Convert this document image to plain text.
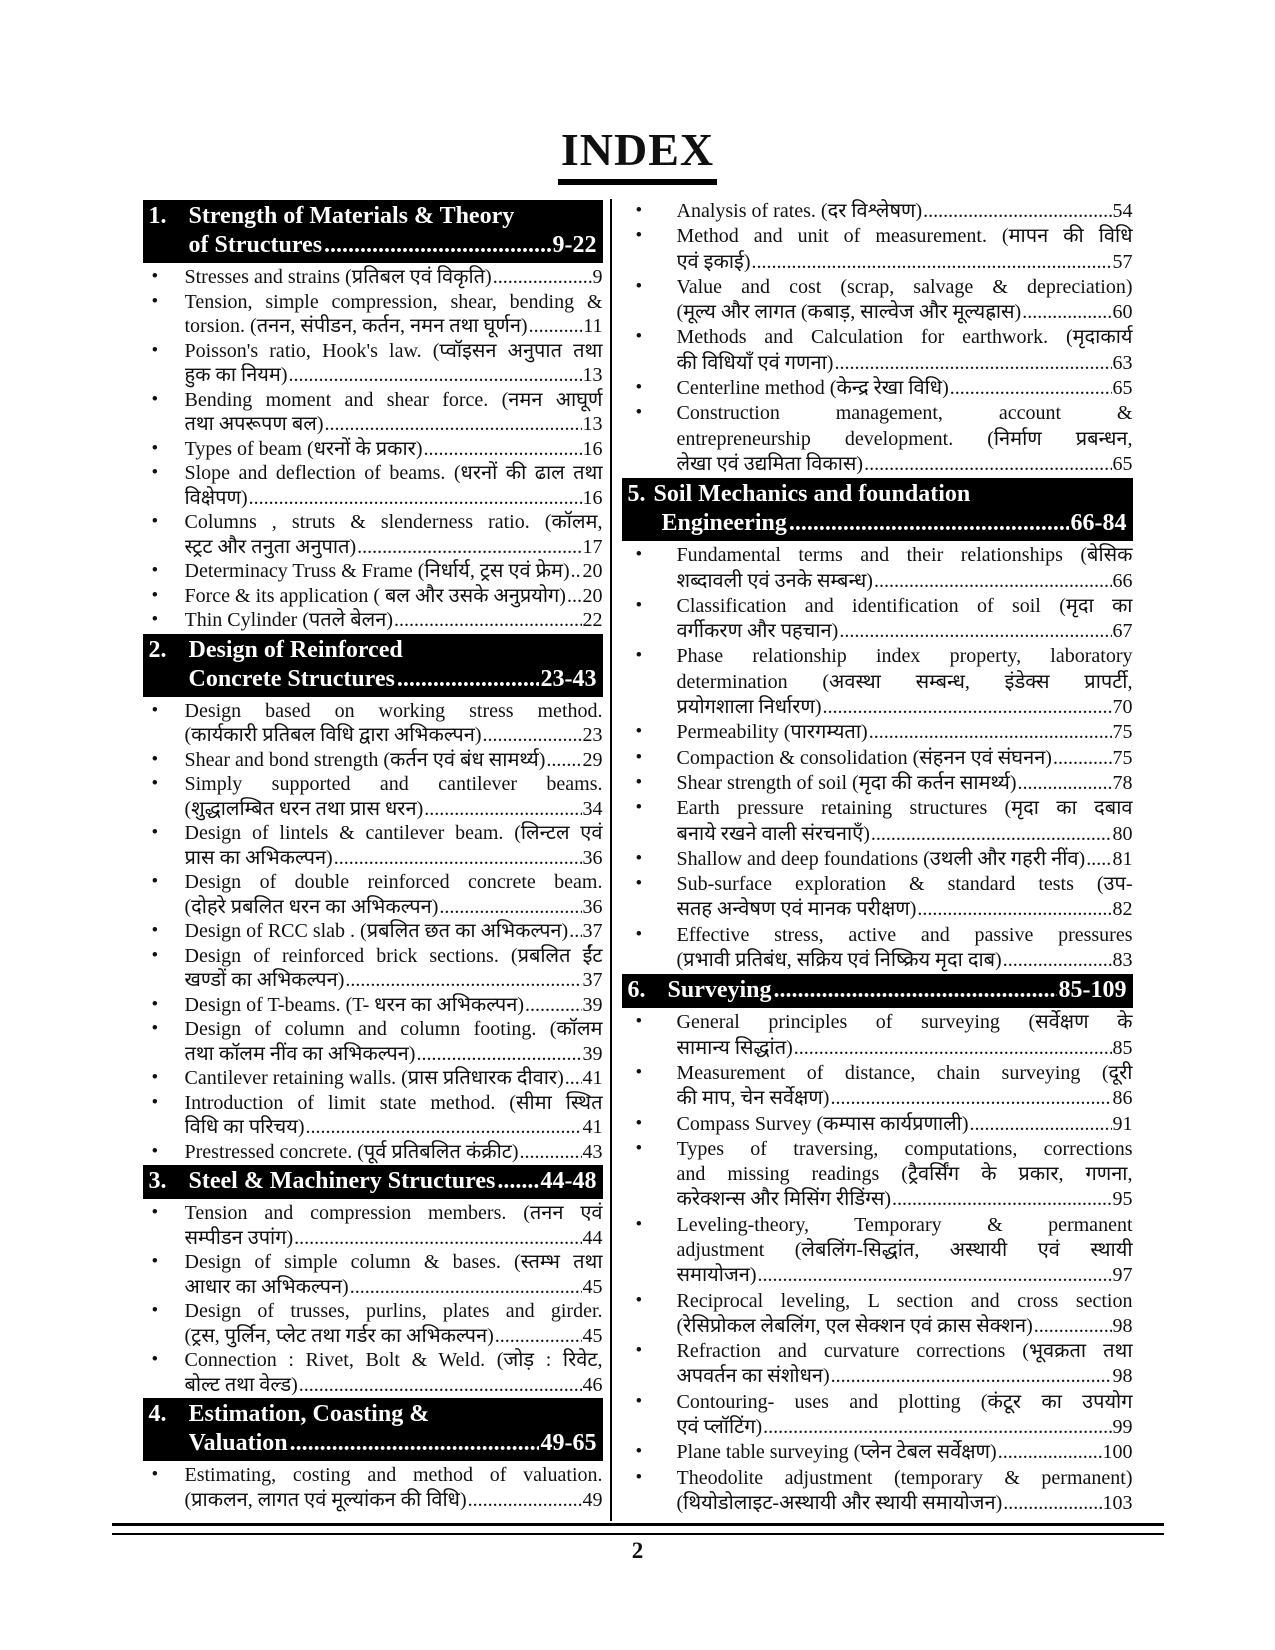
INDEX
1. Strength of Materials & Theory
of Structures .....	9-22
• Stresses and strains (प्रतिबल एवं विकृति) .....	9
• Tension, simple compression, shear, bending &
torsion. (तनन, संपीडन, कर्तन, नमन तथा घूर्णन) .....	11
• Poisson's ratio, Hook's law. (प्वॉइसन अनुपात तथा
हुक का नियम) .....	13
• Bending moment and shear force. (नमन आघूर्ण
तथा अपरूपण बल) .....	13
• Types of beam (धरनों के प्रकार) .....	16
• Slope and deflection of beams. (धरनों की ढाल तथा
विक्षेपण) .....	16
• Columns , struts & slenderness ratio. (कॉलम,
स्ट्रट और तनुता अनुपात) .....	17
• Determinacy Truss & Frame (निर्धार्य, ट्रस एवं फ्रेम) ..... 20
• Force & its application ( बल और उसके अनुप्रयोग) ..... 20
• Thin Cylinder (पतले बेलन) .....	22
2. Design of Reinforced
Concrete Structures .....	23-43
• Design based on working stress method.
(कार्यकारी प्रतिबल विधि द्वारा अभिकल्पन) .....	23
• Shear and bond strength (कर्तन एवं बंध सामर्थ्य) ..... 29
• Simply supported and cantilever beams.
(शुद्धालम्बित धरन तथा प्रास धरन) .....	34
• Design of lintels & cantilever beam. (लिन्टल एवं
प्रास का अभिकल्पन) .....	36
• Design of double reinforced concrete beam.
(दोहरे प्रबलित धरन का अभिकल्पन) .....	36
• Design of RCC slab . (प्रबलित छत का अभिकल्पन) ..... 37
• Design of reinforced brick sections. (प्रबलित ईंट
खण्डों का अभिकल्पन) .....	37
• Design of T-beams. (T- धरन का अभिकल्पन) .....	39
• Design of column and column footing. (कॉलम
तथा कॉलम नींव का अभिकल्पन) .....	39
• Cantilever retaining walls. (प्रास प्रतिधारक दीवार) ..... 41
• Introduction of limit state method. (सीमा स्थित
विधि का परिचय) .....	41
• Prestressed concrete. (पूर्व प्रतिबलित कंक्रीट) .....	43
3. Steel & Machinery Structures ..... 44-48
• Tension and compression members. (तनन एवं
सम्पीडन उपांग) .....	44
• Design of simple column & bases. (स्तम्भ तथा
आधार का अभिकल्पन) .....	45
• Design of trusses, purlins, plates and girder.
(ट्रस, पुर्लिन, प्लेट तथा गर्डर का अभिकल्पन) .....	45
• Connection : Rivet, Bolt & Weld. (जोड़ : रिवेट,
बोल्ट तथा वेल्ड) .....	46
4. Estimation, Coasting &
Valuation .....	49-65
• Estimating, costing and method of valuation.
(प्राकलन, लागत एवं मूल्यांकन की विधि) .....	49
• Analysis of rates. (दर विश्लेषण) .....	54
• Method and unit of measurement. (मापन की विधि
एवं इकाई) .....	57
• Value and cost (scrap, salvage & depreciation)
(मूल्य और लागत (कबाड़, साल्वेज और मूल्यह्रास) .....	60
• Methods and Calculation for earthwork. (मृदाकार्य
की विधियाँ एवं गणना) .....	63
• Centerline method (केन्द्र रेखा विधि) .....	65
• Construction management, account &
entrepreneurship development. (निर्माण प्रबन्धन,
लेखा एवं उद्यमिता विकास) .....	65
5. Soil Mechanics and foundation
Engineering .....	66-84
• Fundamental terms and their relationships (बेसिक
शब्दावली एवं उनके सम्बन्ध) .....	66
• Classification and identification of soil (मृदा का
वर्गीकरण और पहचान) .....	67
• Phase relationship index property, laboratory
determination (अवस्था सम्बन्ध, इंडेक्स प्रापर्टी,
प्रयोगशाला निर्धारण) .....	70
• Permeability (पारगम्यता) .....	75
• Compaction & consolidation (संहनन एवं संघनन) .....	75
• Shear strength of soil (मृदा की कर्तन सामर्थ्य) .....	78
• Earth pressure retaining structures (मृदा का दबाव
बनाये रखने वाली संरचनाएँ) .....	80
• Shallow and deep foundations (उथली और गहरी नींव) ..... 81
• Sub-surface exploration & standard tests (उप-
सतह अन्वेषण एवं मानक परीक्षण) .....	82
• Effective stress, active and passive pressures
(प्रभावी प्रतिबंध, सक्रिय एवं निष्क्रिय मृदा दाब) .....	83
6. Surveying .....	85-109
• General principles of surveying (सर्वेक्षण के
सामान्य सिद्धांत) .....	85
• Measurement of distance, chain surveying (दूरी
की माप, चेन सर्वेक्षण) .....	86
• Compass Survey (कम्पास कार्यप्रणाली) .....	91
• Types of traversing, computations, corrections
and missing readings (ट्रैवर्सिंग के प्रकार, गणना,
करेक्शन्स और मिसिंग रीडिंग्स) .....	95
• Leveling-theory, Temporary & permanent
adjustment (लेबलिंग-सिद्धांत, अस्थायी एवं स्थायी
समायोजन) .....	97
• Reciprocal leveling, L section and cross section
(रेसिप्रोकल लेबलिंग, एल सेक्शन एवं क्रास सेक्शन) .....	98
• Refraction and curvature corrections (भूवक्रता तथा
अपवर्तन का संशोधन) .....	98
• Contouring- uses and plotting (कंटूर का उपयोग
एवं प्लॉटिंग) .....	99
• Plane table surveying (प्लेन टेबल सर्वेक्षण) .....	100
• Theodolite adjustment (temporary & permanent)
(थियोडोलाइट-अस्थायी और स्थायी समायोजन) .....	103
2
